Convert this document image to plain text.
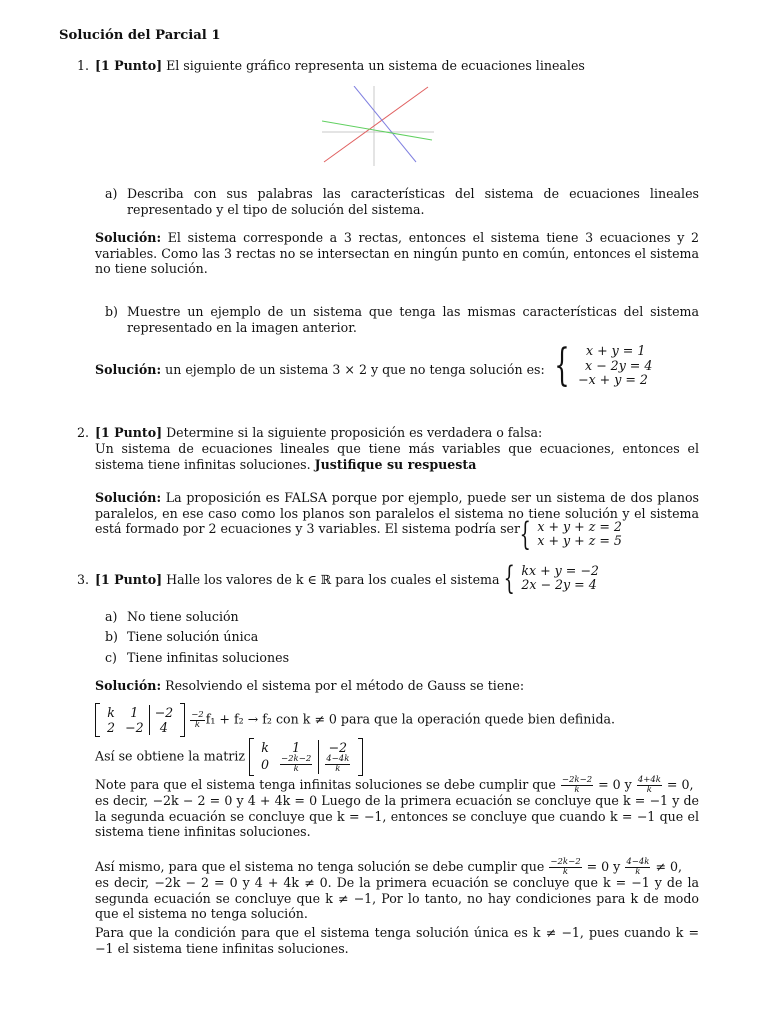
Solución del Parcial 1
1. [1 Punto] El siguiente gráfico representa un sistema de ecuaciones lineales
a) Describa con sus palabras las características del sistema de ecuaciones lineales representado y el tipo de solución del sistema.
Solución: El sistema corresponde a 3 rectas, entonces el sistema tiene 3 ecuaciones y 2 variables. Como las 3 rectas no se intersectan en ningún punto en común, entonces el sistema no tiene solución.
b) Muestre un ejemplo de un sistema que tenga las mismas características del sistema representado en la imagen anterior.
Solución: un ejemplo de un sistema 3 × 2 y que no tenga solución es: {	x + y = 1
x − 2y = 4
−x + y = 2
2. [1 Punto] Determine si la siguiente proposición es verdadera o falsa:
Un sistema de ecuaciones lineales que tiene más variables que ecuaciones, entonces el sistema tiene infinitas soluciones. Justifique su respuesta
Solución: La proposición es FALSA porque por ejemplo, puede ser un sistema de dos planos paralelos, en ese caso como los planos son paralelos el sistema no tiene solución y el sistema está formado por 2 ecuaciones y 3 variables. El sistema podría ser { x + y + z = 2
x + y + z = 5
3. [1 Punto] Halle los valores de k ∈ ℝ para los cuales el sistema { kx + y = −2
2x − 2y = 4
a) No tiene solución
b) Tiene solución única
c) Tiene infinitas soluciones
Solución: Resolviendo el sistema por el método de Gauss se tiene:
k	1	−2
2	−2	4
	$\frac{-2}{k} f_1 + f_2 \to f_2$ con k ≠ 0 para que la operación quede bien definida.
Así se obtiene la matriz
k	1	−2
0	$\frac{-2k-2}{k}$	$\frac{4-4k}{k}$
Note para que el sistema tenga infinitas soluciones se debe cumplir que $\frac{-2k-2}{k} = 0$ y $\frac{4+4k}{k} = 0$,
es decir, −2k − 2 = 0 y 4 + 4k = 0 Luego de la primera ecuación se concluye que k = −1 y de la segunda ecuación se concluye que k = −1, entonces se concluye que cuando k = −1 que el sistema tiene infinitas soluciones.
Así mismo, para que el sistema no tenga solución se debe cumplir que $\frac{-2k-2}{k} = 0$ y $\frac{4-4k}{k} \ne 0$,
es decir, −2k − 2 = 0 y 4 + 4k ≠ 0. De la primera ecuación se concluye que k = −1 y de la segunda ecuación se concluye que k ≠ −1, Por lo tanto, no hay condiciones para k de modo que el sistema no tenga solución.
Para que la condición para que el sistema tenga solución única es k ≠ −1, pues cuando k = −1 el sistema tiene infinitas soluciones.
